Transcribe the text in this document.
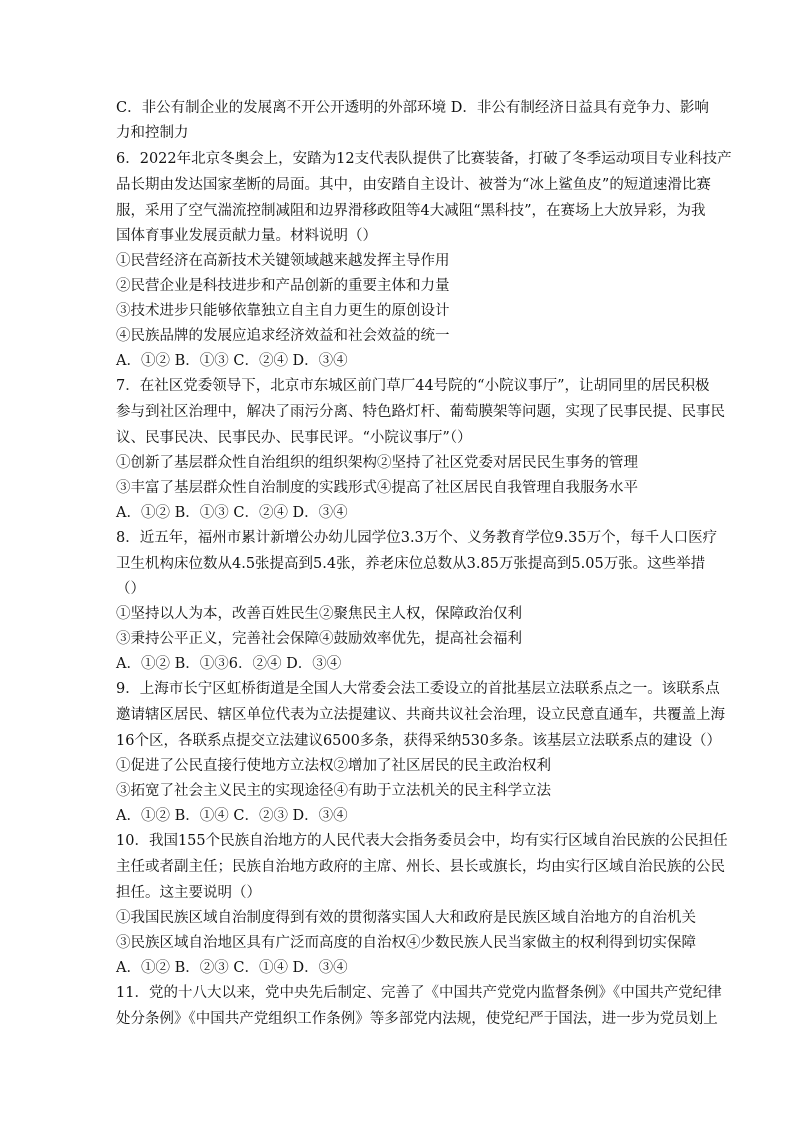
C．非公有制企业的发展离不开公开透明的外部环境 D．非公有制经济日益具有竞争力、影响
力和控制力
6．2022年北京冬奥会上，安踏为12支代表队提供了比赛装备，打破了冬季运动项目专业科技产
品长期由发达国家垄断的局面。其中，由安踏自主设计、被誉为“冰上鲨鱼皮”的短道速滑比赛
服，采用了空气湍流控制减阻和边界滑移政阻等4大减阻“黑科技”，在赛场上大放异彩，为我
国体育事业发展贡献力量。材料说明（）
①民营经济在高新技术关键领域越来越发挥主导作用
②民营企业是科技进步和产品创新的重要主体和力量
③技术进步只能够依靠独立自主自力更生的原创设计
④民族品牌的发展应追求经济效益和社会效益的统一
A．①② B．①③ C．②④ D．③④
7．在社区党委领导下，北京市东城区前门草厂44号院的“小院议事厅”，让胡同里的居民积极
参与到社区治理中，解决了雨污分离、特色路灯杆、葡萄膜架等问题，实现了民事民提、民事民
议、民事民决、民事民办、民事民评。“小院议事厅”（）
①创新了基层群众性自治组织的组织架构②坚持了社区党委对居民民生事务的管理
③丰富了基层群众性自治制度的实践形式④提高了社区居民自我管理自我服务水平
A．①② B．①③ C．②④ D．③④
8．近五年，福州市累计新增公办幼儿园学位3.3万个、义务教育学位9.35万个，每千人口医疗
卫生机构床位数从4.5张提高到5.4张，养老床位总数从3.85万张提高到5.05万张。这些举措
（）
①坚持以人为本，改善百姓民生②聚焦民主人权，保障政治仅利
③秉持公平正义，完善社会保障④鼓励效率优先，提高社会福利
A．①② B．①③6．②④ D．③④
9．上海市长宁区虹桥街道是全国人大常委会法工委设立的首批基层立法联系点之一。该联系点
邀请辖区居民、辖区单位代表为立法提建议、共商共议社会治理，设立民意直通车，共覆盖上海
16个区，各联系点提交立法建议6500多条，获得采纳530多条。该基层立法联系点的建设（）
①促进了公民直接行使地方立法权②增加了社区居民的民主政治权利
③拓宽了社会主义民主的实现途径④有助于立法机关的民主科学立法
A．①② B．①④ C．②③ D．③④
10．我国155个民族自治地方的人民代表大会指务委员会中，均有实行区域自治民族的公民担任
主任或者副主任；民族自治地方政府的主席、州长、县长或旗长，均由实行区域自治民族的公民
担任。这主要说明（）
①我国民族区域自治制度得到有效的贯彻落实国人大和政府是民族区域自治地方的自治机关
③民族区域自治地区具有广泛而高度的自治权④少数民族人民当家做主的权利得到切实保障
A．①② B．②③ C．①④ D．③④
11．党的十八大以来，党中央先后制定、完善了《中国共产党党内监督条例》《中国共产党纪律
处分条例》《中国共产党组织工作条例》等多部党内法规，使党纪严于国法，进一步为党员划上
